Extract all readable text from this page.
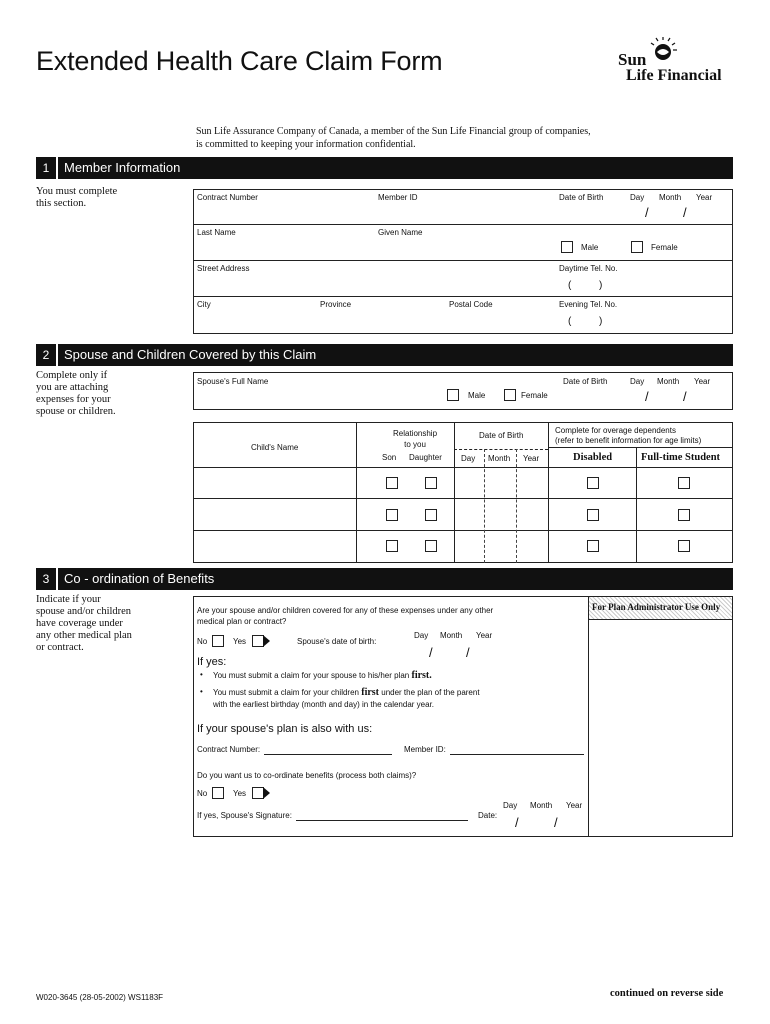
Extended Health Care Claim Form	Sun
Life Financial
Sun Life Assurance Company of Canada, a member of the Sun Life Financial group of companies,
is committed to keeping your information confidential.
1	Member Information
You must complete
this section.
Contract Number	Member ID	Date of Birth	Day Month Year
/	/
Last Name	Given Name
Male	Female
Street Address	Daytime Tel. No.
(	)
City	Province	Postal Code	Evening Tel. No.
(	)
2	Spouse and Children Covered by this Claim
Complete only if
you are attaching
expenses for your
spouse or children.
Spouse's Full Name
Male	Female
Date of Birth	Day Month Year
/	/
Child's Name
Relationship
to you
Son Daughter
Date of Birth
Day Month Year
Complete for overage dependents
(refer to benefit information for age limits)
Disabled	Full-time Student
3	Co - ordination of Benefits
Indicate if your
spouse and/or children
have coverage under
any other medical plan
or contract.
For Plan Administrator Use Only
Are your spouse and/or children covered for any of these expenses under any other
medical plan or contract?
No	Yes	Spouse's date of birth:
Day Month Year
/	/
If yes:
• You must submit a claim for your spouse to his/her plan first.
• You must submit a claim for your children first under the plan of the parent
with the earliest birthday (month and day) in the calendar year.
If your spouse's plan is also with us:
Contract Number:	Member ID:
Do you want us to co-ordinate benefits (process both claims)?
No	Yes
Day Month Year
If yes, Spouse's Signature:	Date: /	/
W020-3645 (28-05-2002) WS1183F	continued on reverse side
